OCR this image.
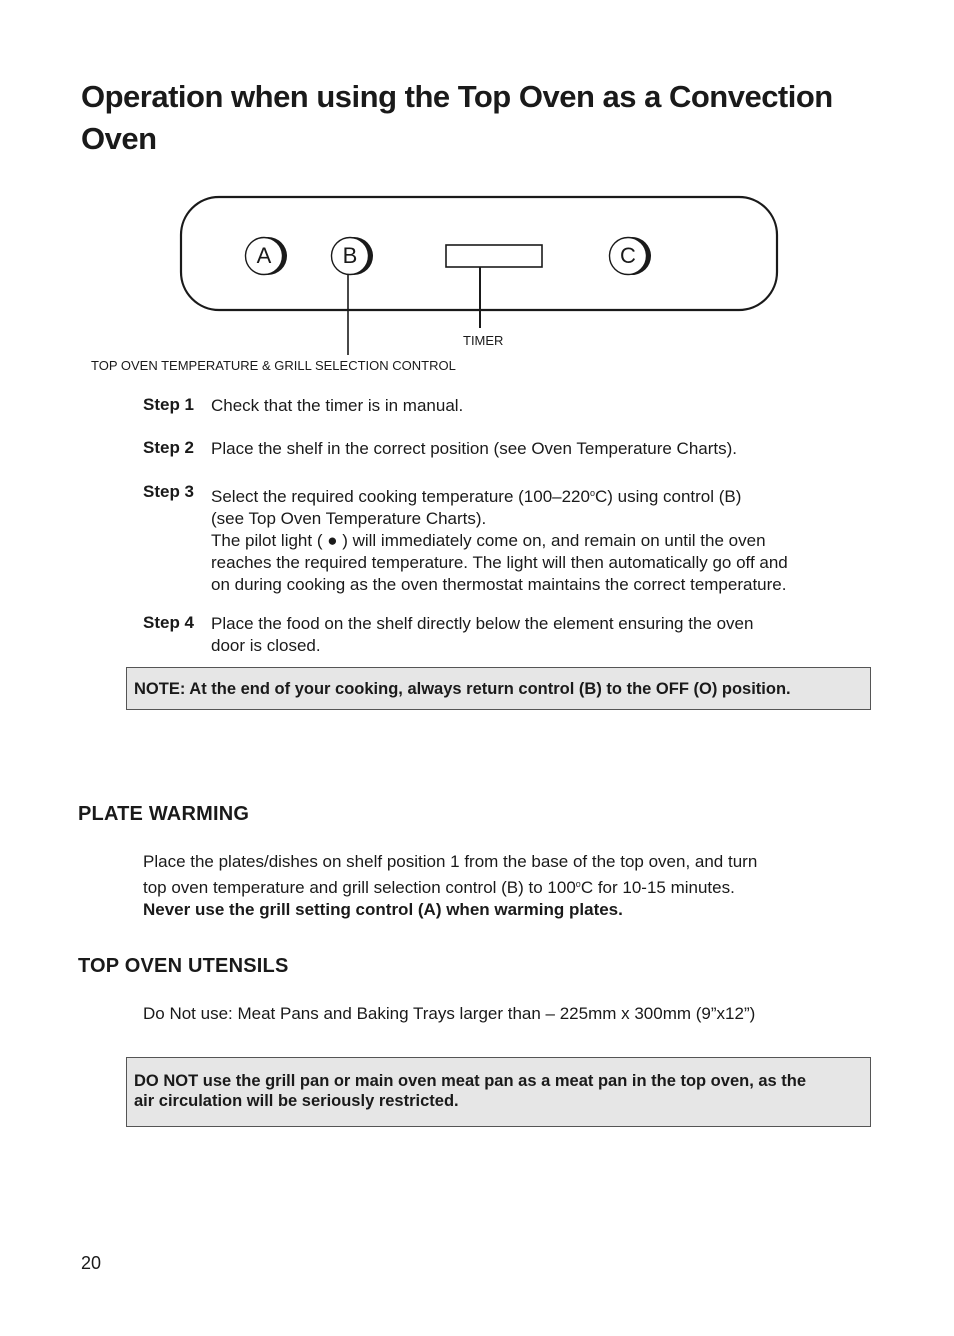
Operation when using the Top Oven as a Convection Oven
A	B	C
TIMER
TOP OVEN TEMPERATURE & GRILL SELECTION CONTROL
Step 1 Check that the timer is in manual.

Step 2 Place the shelf in the correct position (see Oven Temperature Charts).

Step 3 Select the required cooking temperature (100–220$^o$C) using control (B)

(see Top Oven Temperature Charts).

The pilot light ( ● ) will immediately come on, and remain on until the oven

reaches the required temperature. The light will then automatically go off and

on during cooking as the oven thermostat maintains the correct temperature.

Step 4 Place the food on the shelf directly below the element ensuring the oven

door is closed.

NOTE: At the end of your cooking, always return control (B) to the OFF (O) position.
PLATE WARMING

Place the plates/dishes on shelf position 1 from the base of the top oven, and turn

top oven temperature and grill selection control (B) to 100$^o$C for 10-15 minutes.

Never use the grill setting control (A) when warming plates.

TOP OVEN UTENSILS

Do Not use: Meat Pans and Baking Trays larger than – 225mm x 300mm (9”x12”)

DO NOT use the grill pan or main oven meat pan as a meat pan in the top oven, as the
air circulation will be seriously restricted.
20
